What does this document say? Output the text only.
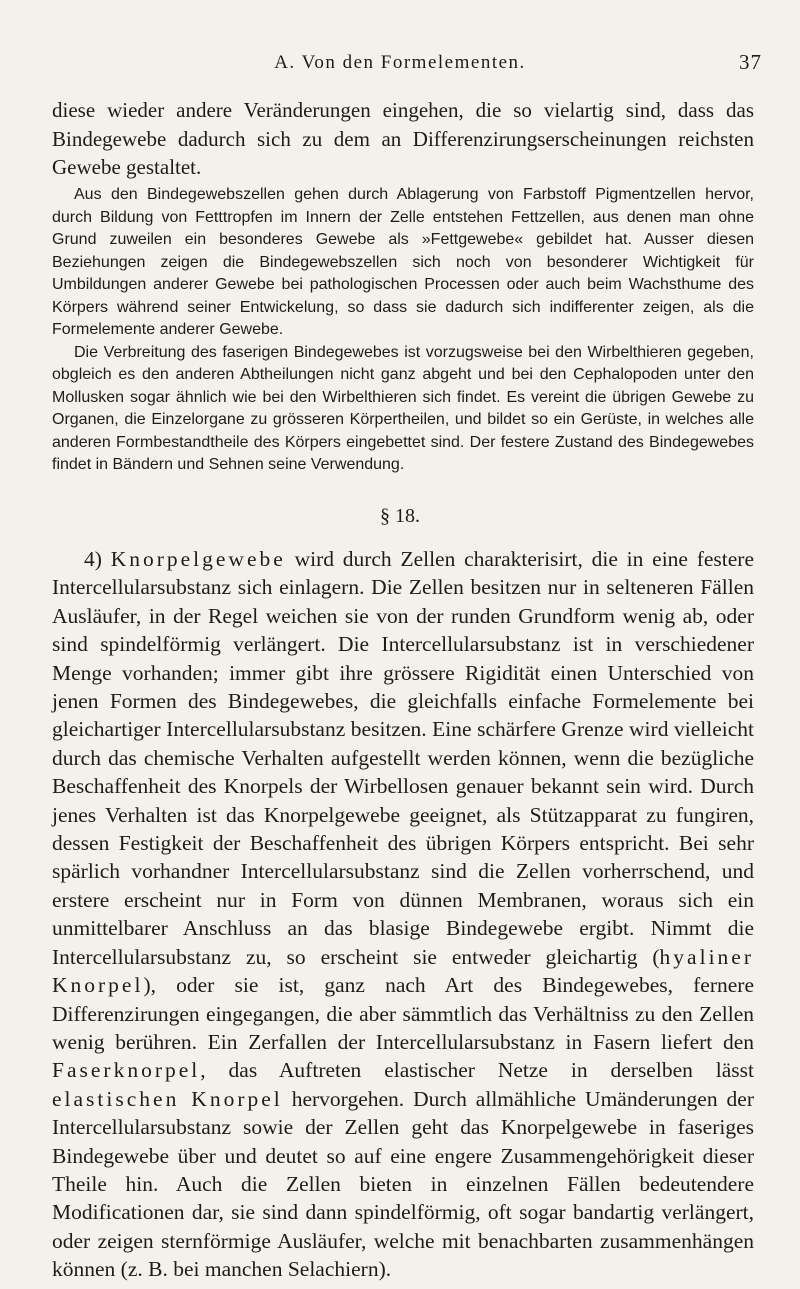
A. Von den Formelementen.	37

diese wieder andere Veränderungen eingehen, die so vielartig sind, dass das Bindegewebe dadurch sich zu dem an Differenzirungserscheinungen reichsten Gewebe gestaltet.

Aus den Bindegewebszellen gehen durch Ablagerung von Farbstoff Pigmentzellen hervor, durch Bildung von Fetttropfen im Innern der Zelle entstehen Fettzellen, aus denen man ohne Grund zuweilen ein besonderes Gewebe als »Fettgewebe« gebildet hat. Ausser diesen Beziehungen zeigen die Bindegewebszellen sich noch von besonderer Wichtigkeit für Umbildungen anderer Gewebe bei pathologischen Processen oder auch beim Wachsthume des Körpers während seiner Entwickelung, so dass sie dadurch sich indifferenter zeigen, als die Formelemente anderer Gewebe.

Die Verbreitung des faserigen Bindegewebes ist vorzugsweise bei den Wirbelthieren gegeben, obgleich es den anderen Abtheilungen nicht ganz abgeht und bei den Cephalopoden unter den Mollusken sogar ähnlich wie bei den Wirbelthieren sich findet. Es vereint die übrigen Gewebe zu Organen, die Einzelorgane zu grösseren Körpertheilen, und bildet so ein Gerüste, in welches alle anderen Formbestandtheile des Körpers eingebettet sind. Der festere Zustand des Bindegewebes findet in Bändern und Sehnen seine Verwendung.

§ 18.

4) Knorpelgewebe wird durch Zellen charakterisirt, die in eine festere Intercellularsubstanz sich einlagern. Die Zellen besitzen nur in selteneren Fällen Ausläufer, in der Regel weichen sie von der runden Grundform wenig ab, oder sind spindelförmig verlängert. Die Intercellularsubstanz ist in verschiedener Menge vorhanden; immer gibt ihre grössere Rigidität einen Unterschied von jenen Formen des Bindegewebes, die gleichfalls einfache Formelemente bei gleichartiger Intercellularsubstanz besitzen. Eine schärfere Grenze wird vielleicht durch das chemische Verhalten aufgestellt werden können, wenn die bezügliche Beschaffenheit des Knorpels der Wirbellosen genauer bekannt sein wird. Durch jenes Verhalten ist das Knorpelgewebe geeignet, als Stützapparat zu fungiren, dessen Festigkeit der Beschaffenheit des übrigen Körpers entspricht. Bei sehr spärlich vorhandner Intercellularsubstanz sind die Zellen vorherrschend, und erstere erscheint nur in Form von dünnen Membranen, woraus sich ein unmittelbarer Anschluss an das blasige Bindegewebe ergibt. Nimmt die Intercellularsubstanz zu, so erscheint sie entweder gleichartig (hyaliner Knorpel), oder sie ist, ganz nach Art des Bindegewebes, fernere Differenzirungen eingegangen, die aber sämmtlich das Verhältniss zu den Zellen wenig berühren. Ein Zerfallen der Intercellularsubstanz in Fasern liefert den Faserknorpel, das Auftreten elastischer Netze in derselben lässt elastischen Knorpel hervorgehen. Durch allmähliche Umänderungen der Intercellularsubstanz sowie der Zellen geht das Knorpelgewebe in faseriges Bindegewebe über und deutet so auf eine engere Zusammengehörigkeit dieser Theile hin. Auch die Zellen bieten in einzelnen Fällen bedeutendere Modificationen dar, sie sind dann spindelförmig, oft sogar bandartig verlängert, oder zeigen sternförmige Ausläufer, welche mit benachbarten zusammenhängen können (z. B. bei manchen Selachiern).
